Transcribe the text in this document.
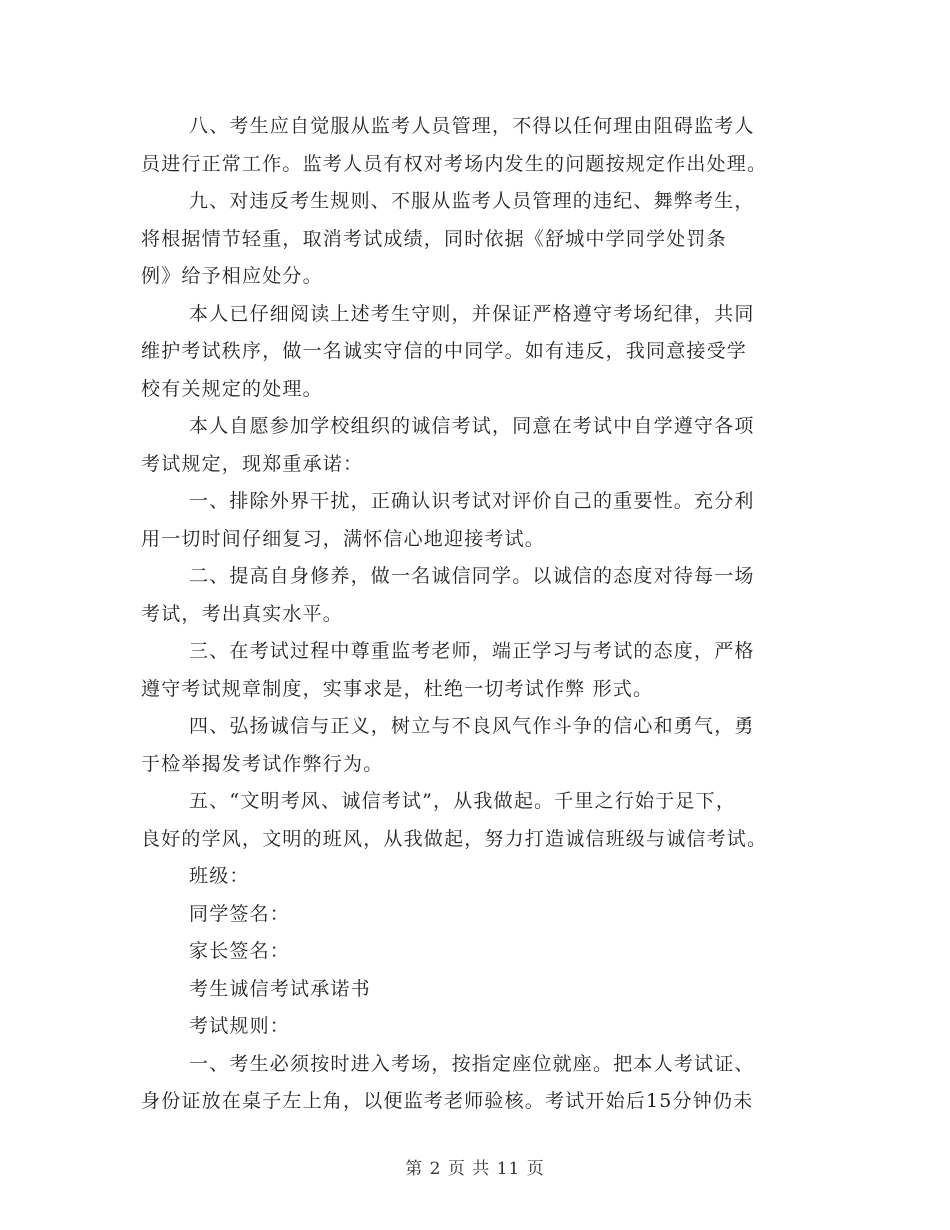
八、考生应自觉服从监考人员管理，不得以任何理由阻碍监考人
员进行正常工作。监考人员有权对考场内发生的问题按规定作出处理。
九、对违反考生规则、不服从监考人员管理的违纪、舞弊考生，
将根据情节轻重，取消考试成绩，同时依据《舒城中学同学处罚条
例》给予相应处分。
本人已仔细阅读上述考生守则，并保证严格遵守考场纪律，共同
维护考试秩序，做一名诚实守信的中同学。如有违反，我同意接受学
校有关规定的处理。
本人自愿参加学校组织的诚信考试，同意在考试中自学遵守各项
考试规定，现郑重承诺：
一、排除外界干扰，正确认识考试对评价自己的重要性。充分利
用一切时间仔细复习，满怀信心地迎接考试。
二、提高自身修养，做一名诚信同学。以诚信的态度对待每一场
考试，考出真实水平。
三、在考试过程中尊重监考老师，端正学习与考试的态度，严格
遵守考试规章制度，实事求是，杜绝一切考试作弊 形式。
四、弘扬诚信与正义，树立与不良风气作斗争的信心和勇气，勇
于检举揭发考试作弊行为。
五、“文明考风、诚信考试”，从我做起。千里之行始于足下，
良好的学风，文明的班风，从我做起，努力打造诚信班级与诚信考试。
班级：
同学签名：
家长签名：
考生诚信考试承诺书
考试规则：
一、考生必须按时进入考场，按指定座位就座。把本人考试证、
身份证放在桌子左上角，以便监考老师验核。考试开始后15分钟仍未
第 2 页 共 11 页
